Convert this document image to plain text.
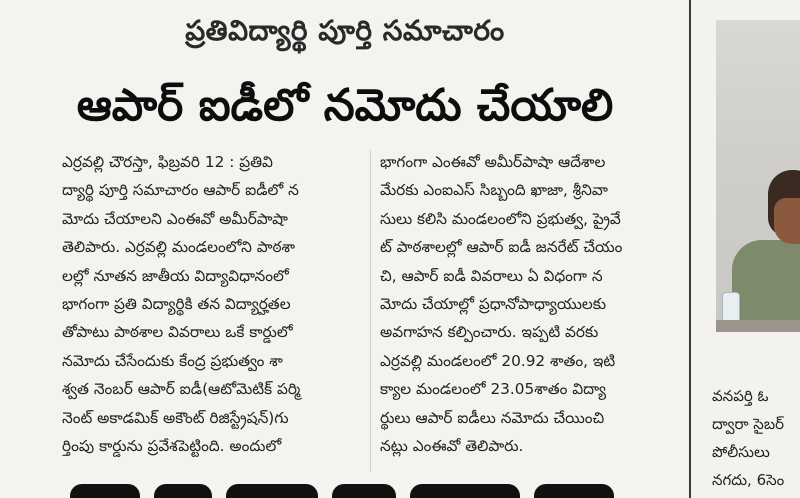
ప్రతివిద్యార్థి పూర్తి సమాచారం
ఆపార్ ఐడీలో నమోదు చేయాలి
ఎర్రవల్లి చౌరస్తా, ఫిబ్రవరి 12 : ప్రతివి
ద్యార్థి పూర్తి సమాచారం ఆపార్ ఐడీలో న
మోదు చేయాలని ఎంఈవో అమీర్‌పాషా
తెలిపారు. ఎర్రవల్లి మండలంలోని పాఠశా
లల్లో నూతన జాతీయ విద్యావిధానంలో
భాగంగా ప్రతి విద్యార్థికి తన విద్యార్హతల
తోపాటు పాఠశాల వివరాలు ఒకే కార్డులో
నమోదు చేసేందుకు కేంద్ర ప్రభుత్వం శా
శ్వత నెంబర్ ఆపార్ ఐడీ(ఆటోమెటిక్ పర్మి
నెంట్ అకాడమిక్ అకౌంట్ రిజిస్ట్రేషన్)గు
ర్తింపు కార్డును ప్రవేశపెట్టింది. అందులో
భాగంగా ఎంఈవో అమీర్‌పాషా ఆదేశాల
మేరకు ఎంఐఎస్ సిబ్బంది ఖాజా, శ్రీనివా
సులు కలిసి మండలంలోని ప్రభుత్వ, ప్రైవే
ట్ పాఠశాలల్లో ఆపార్ ఐడీ జనరేట్ చేయం
చి, ఆపార్ ఐడీ వివరాలు ఏ విధంగా న
మోదు చేయాల్లో ప్రధానోపాధ్యాయులకు
అవగాహన కల్పించారు. ఇప్పటి వరకు
ఎర్రవల్లి మండలంలో 20.92 శాతం, ఇటి
క్యాల మండలంలో 23.05శాతం విద్యా
ర్థులు ఆపార్ ఐడీలు నమోదు చేయించి
నట్లు ఎంఈవో తెలిపారు.
వనపర్తి ఓ
ద్వారా సైబర్
పోలీసులు
నగదు, 6సెం
